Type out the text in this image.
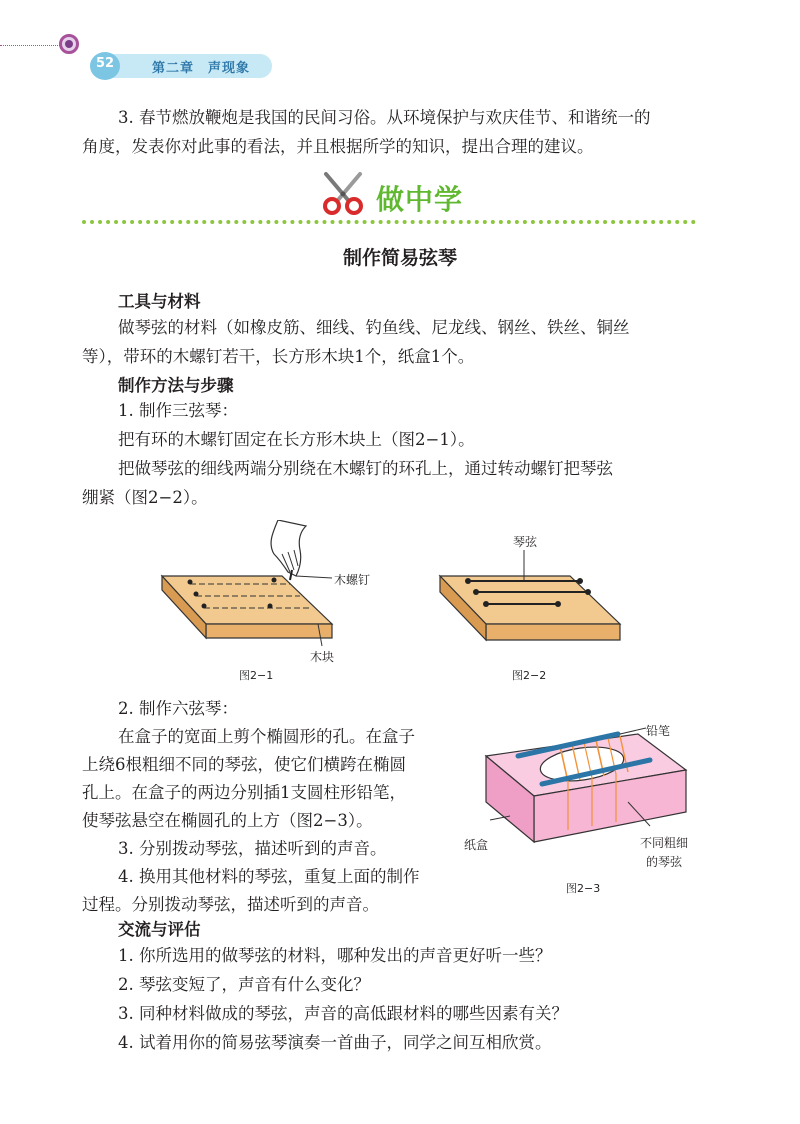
52	第二章　声现象
3. 春节燃放鞭炮是我国的民间习俗。从环境保护与欢庆佳节、和谐统一的
角度，发表你对此事的看法，并且根据所学的知识，提出合理的建议。
做中学
制作简易弦琴
工具与材料
做琴弦的材料（如橡皮筋、细线、钓鱼线、尼龙线、钢丝、铁丝、铜丝
等），带环的木螺钉若干，长方形木块1个，纸盒1个。
制作方法与步骤
1. 制作三弦琴：
把有环的木螺钉固定在长方形木块上（图2−1）。
把做琴弦的细线两端分别绕在木螺钉的环孔上，通过转动螺钉把琴弦
绷紧（图2−2）。
木螺钉
木块
图2−1
琴弦
图2−2
2. 制作六弦琴：
在盒子的宽面上剪个椭圆形的孔。在盒子
上绕6根粗细不同的琴弦，使它们横跨在椭圆
孔上。在盒子的两边分别插1支圆柱形铅笔，
使琴弦悬空在椭圆孔的上方（图2−3）。
3. 分别拨动琴弦，描述听到的声音。
4. 换用其他材料的琴弦，重复上面的制作
过程。分别拨动琴弦，描述听到的声音。
铅笔
纸盒	不同粗细
的琴弦
图2−3
交流与评估
1. 你所选用的做琴弦的材料，哪种发出的声音更好听一些？
2. 琴弦变短了，声音有什么变化？
3. 同种材料做成的琴弦，声音的高低跟材料的哪些因素有关？
4. 试着用你的简易弦琴演奏一首曲子，同学之间互相欣赏。
